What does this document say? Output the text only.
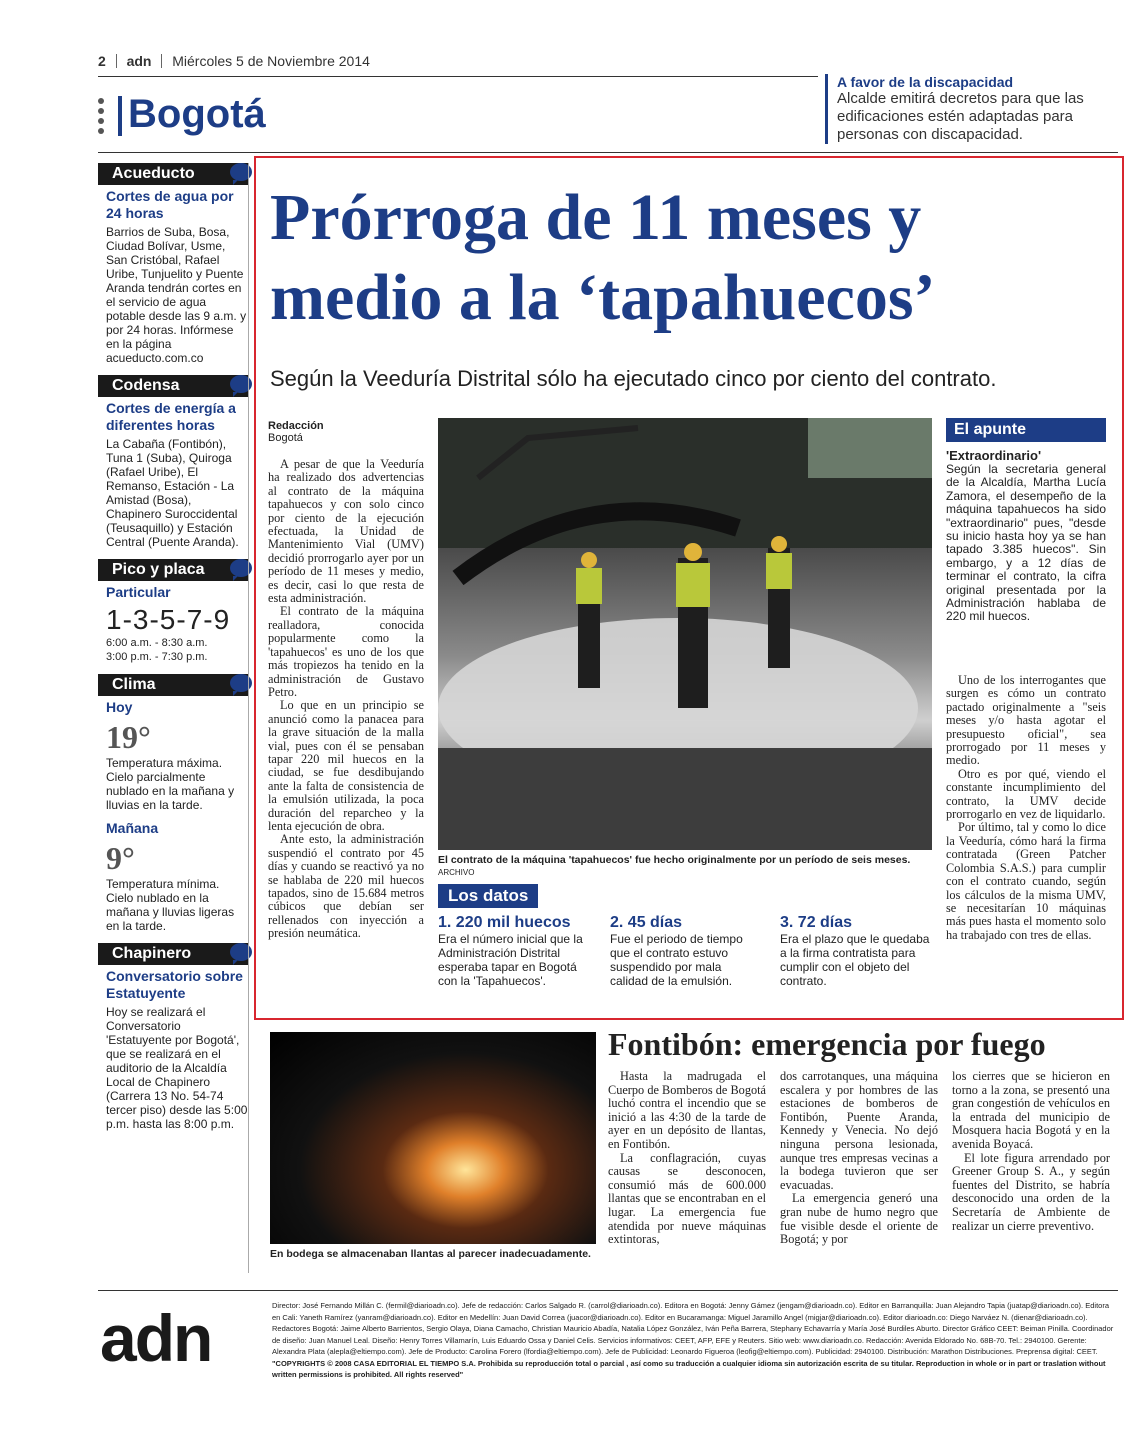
2 adn Miércoles 5 de Noviembre 2014
Bogotá
A favor de la discapacidad
Alcalde emitirá decretos para que las edificaciones estén adaptadas para personas con discapacidad.
Acueducto
Cortes de agua por 24 horas
Barrios de Suba, Bosa, Ciudad Bolívar, Usme, San Cristóbal, Rafael Uribe, Tunjuelito y Puente Aranda tendrán cortes en el servicio de agua potable desde las 9 a.m. y por 24 horas. Infórmese en la página acueducto.com.co
Codensa
Cortes de energía a diferentes horas
La Cabaña (Fontibón), Tuna 1 (Suba), Quiroga (Rafael Uribe), El Remanso, Estación - La Amistad (Bosa), Chapinero Suroccidental (Teusaquillo) y Estación Central (Puente Aranda).
Pico y placa
Particular
1-3-5-7-9
6:00 a.m. - 8:30 a.m.
3:00 p.m. - 7:30 p.m.
Clima
Hoy
19°
Temperatura máxima. Cielo parcialmente nublado en la mañana y lluvias en la tarde.
Mañana
9°
Temperatura mínima. Cielo nublado en la mañana y lluvias ligeras en la tarde.
Chapinero
Conversatorio sobre Estatuyente
Hoy se realizará el Conversatorio 'Estatuyente por Bogotá', que se realizará en el auditorio de la Alcaldía Local de Chapinero (Carrera 13 No. 54-74 tercer piso) desde las 5:00 p.m. hasta las 8:00 p.m.
Prórroga de 11 meses y medio a la ‘tapahuecos’
Según la Veeduría Distrital sólo ha ejecutado cinco por ciento del contrato.
Redacción
Bogotá

A pesar de que la Veeduría ha realizado dos advertencias al contrato de la máquina tapahuecos y con solo cinco por ciento de la ejecución efectuada, la Unidad de Mantenimiento Vial (UMV) decidió prorrogarlo ayer por un período de 11 meses y medio, es decir, casi lo que resta de esta administración.

El contrato de la máquina realladora, conocida popularmente como la 'tapahuecos' es uno de los que más tropiezos ha tenido en la administración de Gustavo Petro.

Lo que en un principio se anunció como la panacea para la grave situación de la malla vial, pues con él se pensaban tapar 220 mil huecos en la ciudad, se fue desdibujando ante la falta de consistencia de la emulsión utilizada, la poca duración del reparcheo y la lenta ejecución de obra.

Ante esto, la administración suspendió el contrato por 45 días y cuando se reactivó ya no se hablaba de 220 mil huecos tapados, sino de 15.684 metros cúbicos que debían ser rellenados con inyección a presión neumática.

El contrato de la máquina 'tapahuecos' fue hecho originalmente por un período de seis meses. ARCHIVO
El apunte
'Extraordinario'
Según la secretaria general de la Alcaldía, Martha Lucía Zamora, el desempeño de la máquina tapahuecos ha sido "extraordinario" pues, "desde su inicio hasta hoy ya se han tapado 3.385 huecos". Sin embargo, y a 12 días de terminar el contrato, la cifra original presentada por la Administración hablaba de 220 mil huecos.

Uno de los interrogantes que surgen es cómo un contrato pactado originalmente a "seis meses y/o hasta agotar el presupuesto oficial", sea prorrogado por 11 meses y medio.

Otro es por qué, viendo el constante incumplimiento del contrato, la UMV decide prorrogarlo en vez de liquidarlo.

Por último, tal y como lo dice la Veeduría, cómo hará la firma contratada (Green Patcher Colombia S.A.S.) para cumplir con el contrato cuando, según los cálculos de la misma UMV, se necesitarían 10 máquinas más pues hasta el momento solo ha trabajado con tres de ellas.

Los datos
1. 220 mil huecos
Era el número inicial que la Administración Distrital esperaba tapar en Bogotá con la 'Tapahuecos'.
2. 45 días
Fue el periodo de tiempo que el contrato estuvo suspendido por mala calidad de la emulsión.
3. 72 días
Era el plazo que le quedaba a la firma contratista para cumplir con el objeto del contrato.
En bodega se almacenaban llantas al parecer inadecuadamente.
Fontibón: emergencia por fuego

Hasta la madrugada el Cuerpo de Bomberos de Bogotá luchó contra el incendio que se inició a las 4:30 de la tarde de ayer en un depósito de llantas, en Fontibón.

La conflagración, cuyas causas se desconocen, consumió más de 600.000 llantas que se encontraban en el lugar. La emergencia fue atendida por nueve máquinas extintoras,

dos carrotanques, una máquina escalera y por hombres de las estaciones de bomberos de Fontibón, Puente Aranda, Kennedy y Venecia. No dejó ninguna persona lesionada, aunque tres empresas vecinas a la bodega tuvieron que ser evacuadas.

La emergencia generó una gran nube de humo negro que fue visible desde el oriente de Bogotá; y por

los cierres que se hicieron en torno a la zona, se presentó una gran congestión de vehículos en la entrada del municipio de Mosquera hacia Bogotá y en la avenida Boyacá.

El lote figura arrendado por Greener Group S. A., y según fuentes del Distrito, se habría desconocido una orden de la Secretaría de Ambiente de realizar un cierre preventivo.

adn	Director: José Fernando Millán C. (fermil@diarioadn.co). Jefe de redacción: Carlos Salgado R. (carrol@diarioadn.co). Editora en Bogotá: Jenny Gámez (jengam@diarioadn.co). Editor en Barranquilla: Juan Alejandro Tapia (juatap@diarioadn.co). Editora en Cali: Yaneth Ramírez (yanram@diarioadn.co). Editor en Medellín: Juan David Correa (juacor@diarioadn.co). Editor en Bucaramanga: Miguel Jaramillo Angel (migjar@diarioadn.co). Editor diarioadn.co: Diego Narváez N. (dienar@diarioadn.co). Redactores Bogotá: Jaime Alberto Barrientos, Sergio Olaya, Diana Camacho, Christian Mauricio Abadía, Natalia López González, Iván Peña Barrera, Stephany Echavarría y María José Burdiles Aburto. Director Gráfico CEET: Beiman Pinilla. Coordinador de diseño: Juan Manuel Leal. Diseño: Henry Torres Villamarín, Luis Eduardo Ossa y Daniel Celis. Servicios informativos: CEET, AFP, EFE y Reuters. Sitio web: www.diarioadn.co. Redacción: Avenida Eldorado No. 68B-70. Tel.: 2940100. Gerente: Alexandra Plata (alepla@eltiempo.com). Jefe de Producto: Carolina Forero (lfordia@eltiempo.com). Jefe de Publicidad: Leonardo Figueroa (leofig@eltiempo.com). Publicidad: 2940100. Distribución: Marathon Distribuciones. Preprensa digital: CEET.
"COPYRIGHTS © 2008 CASA EDITORIAL EL TIEMPO S.A. Prohibida su reproducción total o parcial , así como su traducción a cualquier idioma sin autorización escrita de su titular. Reproduction in whole or in part or traslation without written permissions is prohibited. All rights reserved"
